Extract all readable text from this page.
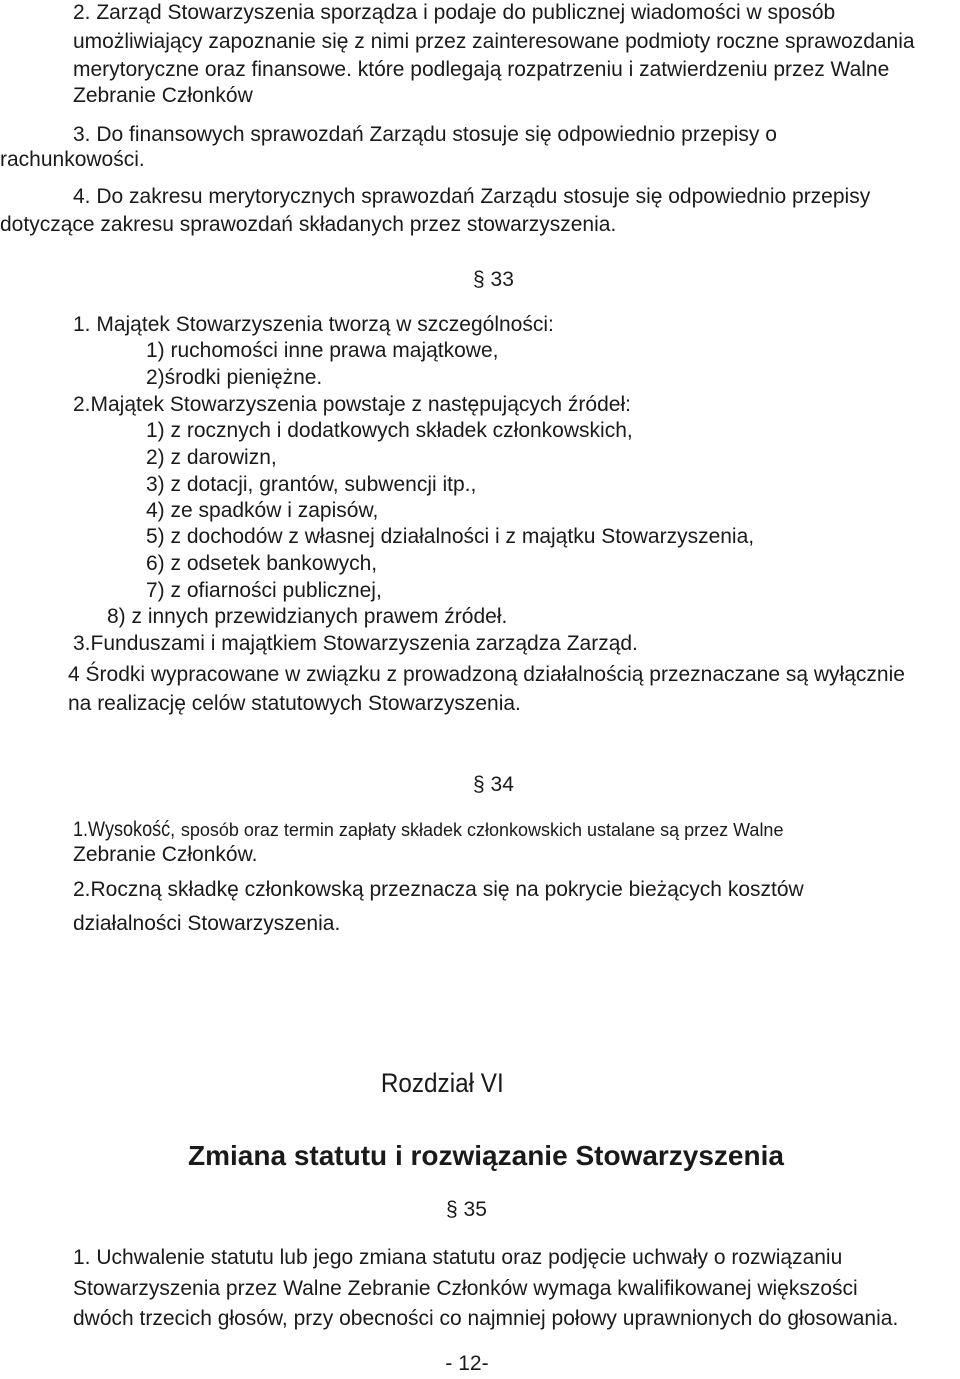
2. Zarząd Stowarzyszenia sporządza i podaje do publicznej wiadomości w sposób
umożliwiający zapoznanie się z nimi przez zainteresowane podmioty roczne sprawozdania
merytoryczne oraz finansowe. które podlegają rozpatrzeniu i zatwierdzeniu przez Walne
Zebranie Członków
3. Do finansowych sprawozdań Zarządu stosuje się odpowiednio przepisy o
rachunkowości.
4. Do zakresu merytorycznych sprawozdań Zarządu stosuje się odpowiednio przepisy
dotyczące zakresu sprawozdań składanych przez stowarzyszenia.
§ 33
1. Majątek Stowarzyszenia tworzą w szczególności:
1) ruchomości inne prawa majątkowe,
2)środki pieniężne.
2.Majątek Stowarzyszenia powstaje z następujących źródeł:
1) z rocznych i dodatkowych składek członkowskich,
2) z darowizn,
3) z dotacji, grantów, subwencji itp.,
4) ze spadków i zapisów,
5) z dochodów z własnej działalności i z majątku Stowarzyszenia,
6) z odsetek bankowych,
7) z ofiarności publicznej,
8) z innych przewidzianych prawem źródeł.
3.Funduszami i majątkiem Stowarzyszenia zarządza Zarząd.
4 Środki wypracowane w związku z prowadzoną działalnością przeznaczane są wyłącznie
na realizację celów statutowych Stowarzyszenia.
§ 34
1.Wysokość, sposób oraz termin zapłaty składek członkowskich ustalane są przez Walne
Zebranie Członków.
2.Roczną składkę członkowską przeznacza się na pokrycie bieżących kosztów
działalności Stowarzyszenia.
Rozdział VI
Zmiana statutu i rozwiązanie Stowarzyszenia
§ 35
1. Uchwalenie statutu lub jego zmiana statutu oraz podjęcie uchwały o rozwiązaniu
Stowarzyszenia przez Walne Zebranie Członków wymaga kwalifikowanej większości
dwóch trzecich głosów, przy obecności co najmniej połowy uprawnionych do głosowania.
- 12-
